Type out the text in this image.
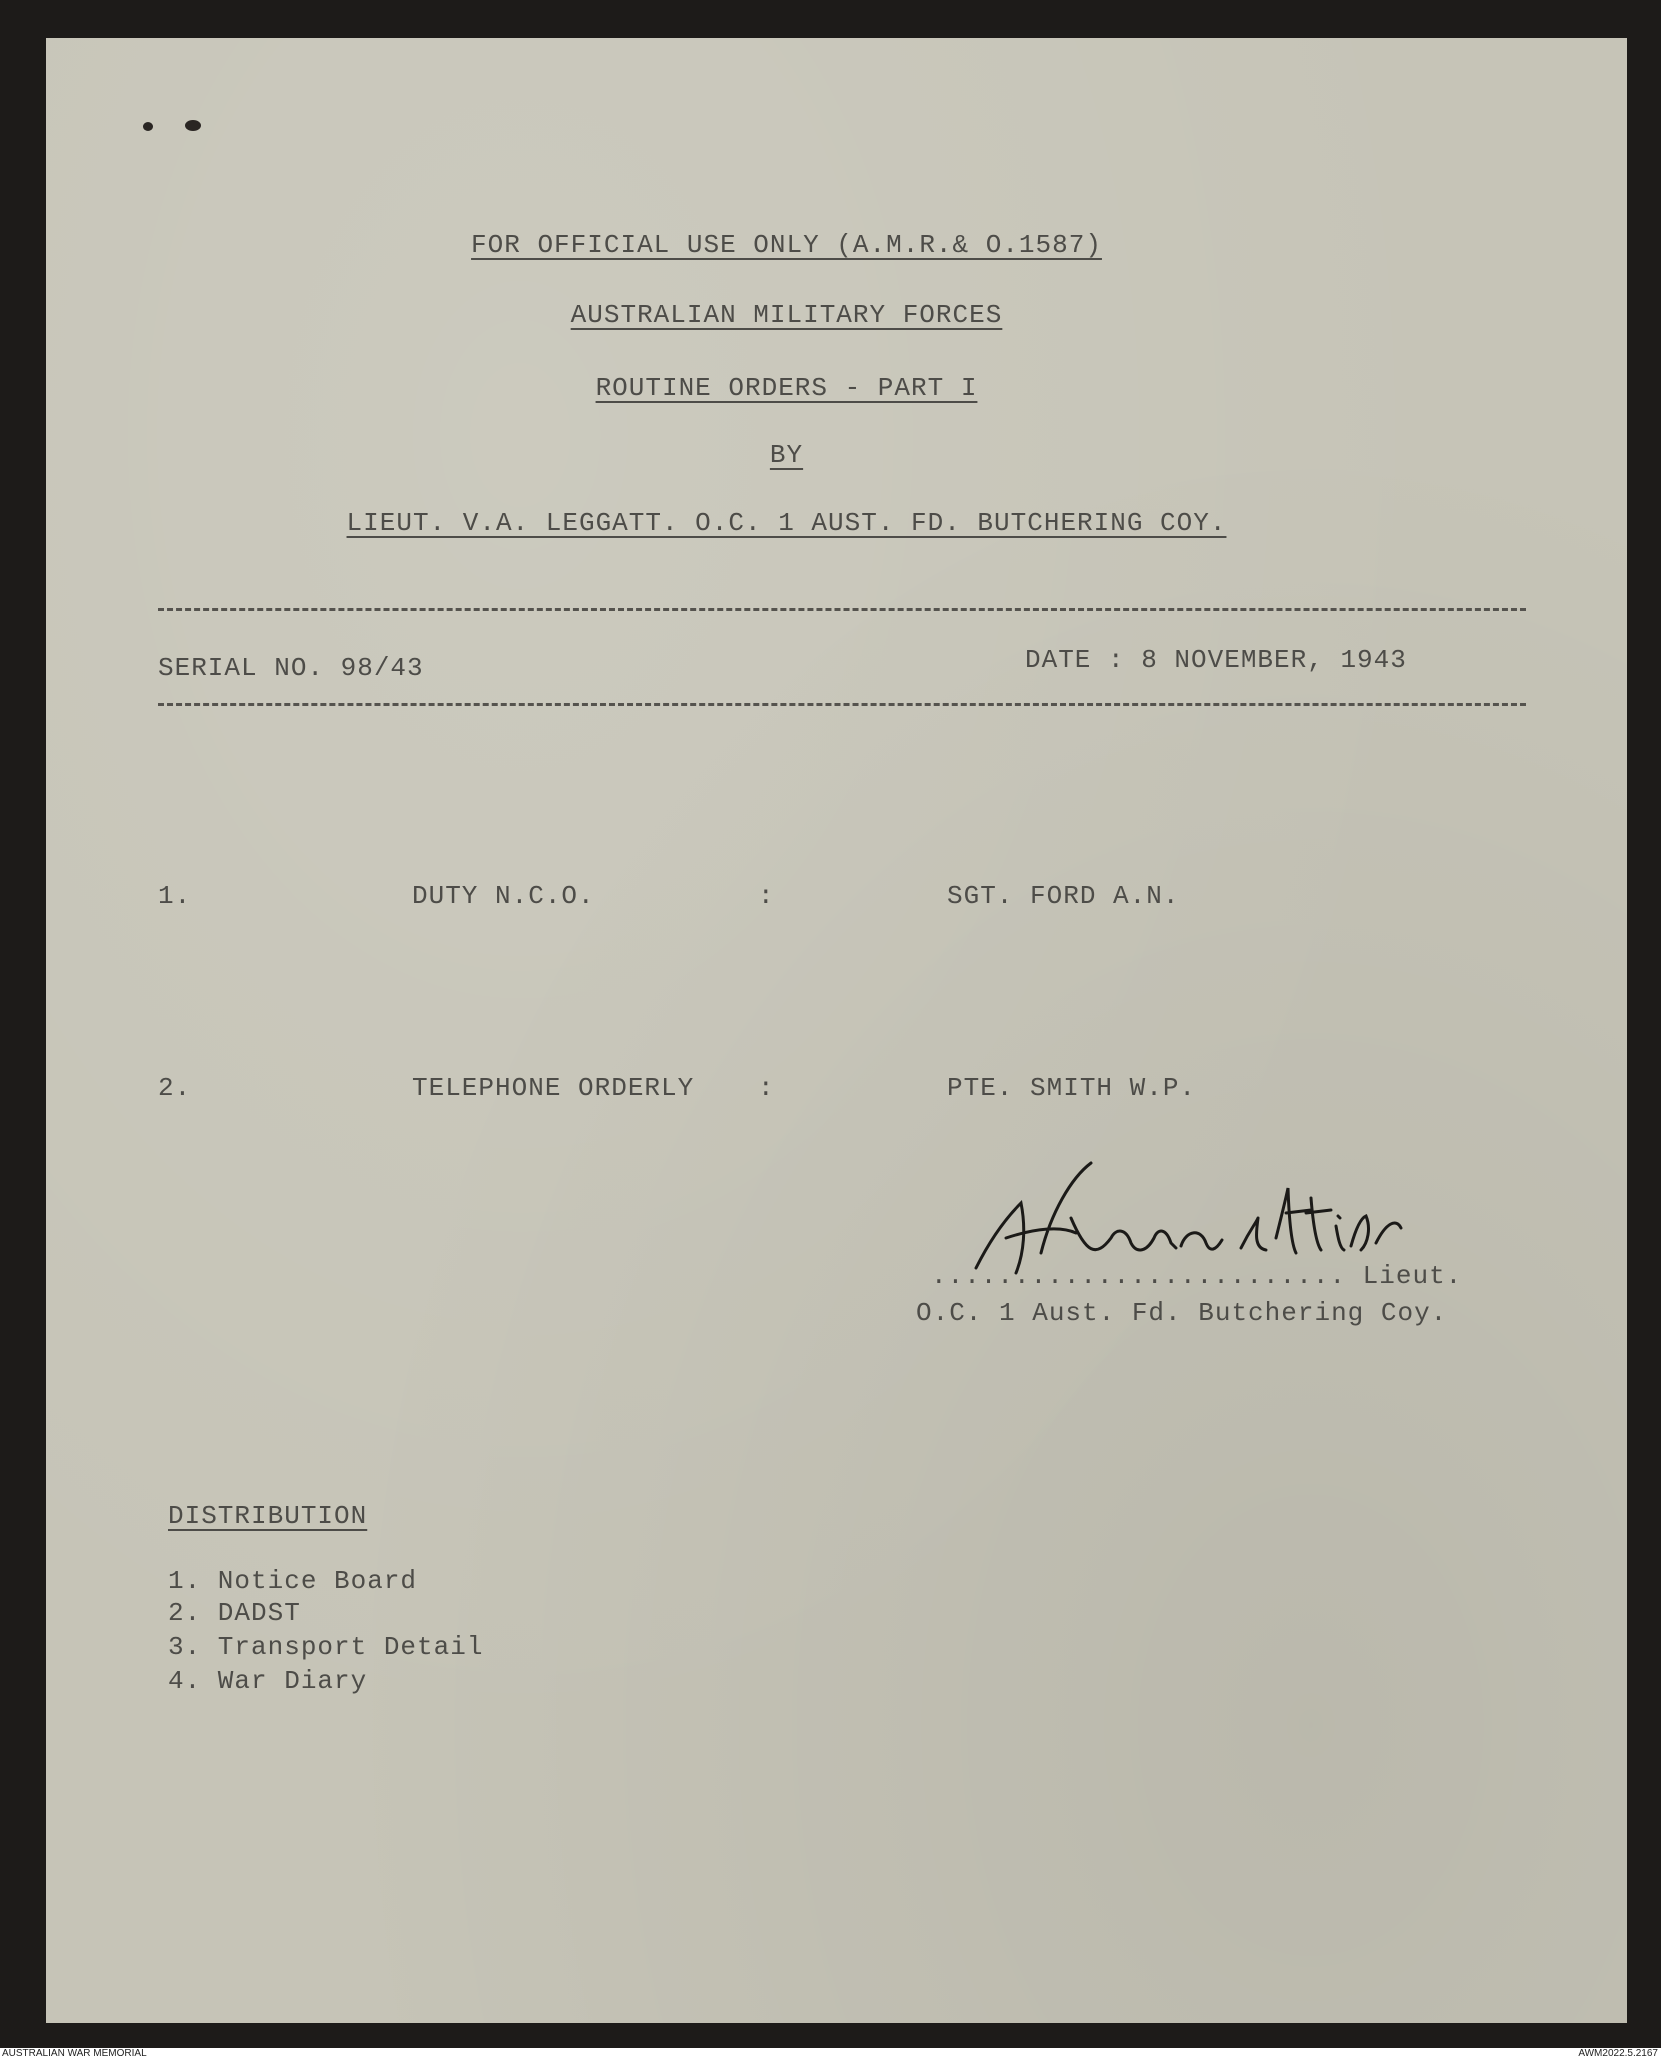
FOR OFFICIAL USE ONLY (A.M.R.& O.1587)
AUSTRALIAN MILITARY FORCES
ROUTINE ORDERS - PART I
BY
LIEUT. V.A. LEGGATT. O.C. 1 AUST. FD. BUTCHERING COY.
SERIAL NO. 98/43	DATE : 8 NOVEMBER, 1943
1.	DUTY N.C.O.	:	SGT. FORD A.N.
2.	TELEPHONE ORDERLY :	PTE. SMITH W.P.
......................... Lieut.
O.C. 1 Aust. Fd. Butchering Coy.
DISTRIBUTION
1. Notice Board
2. DADST
3. Transport Detail
4. War Diary
AUSTRALIAN WAR MEMORIAL	AWM2022.5.2167
